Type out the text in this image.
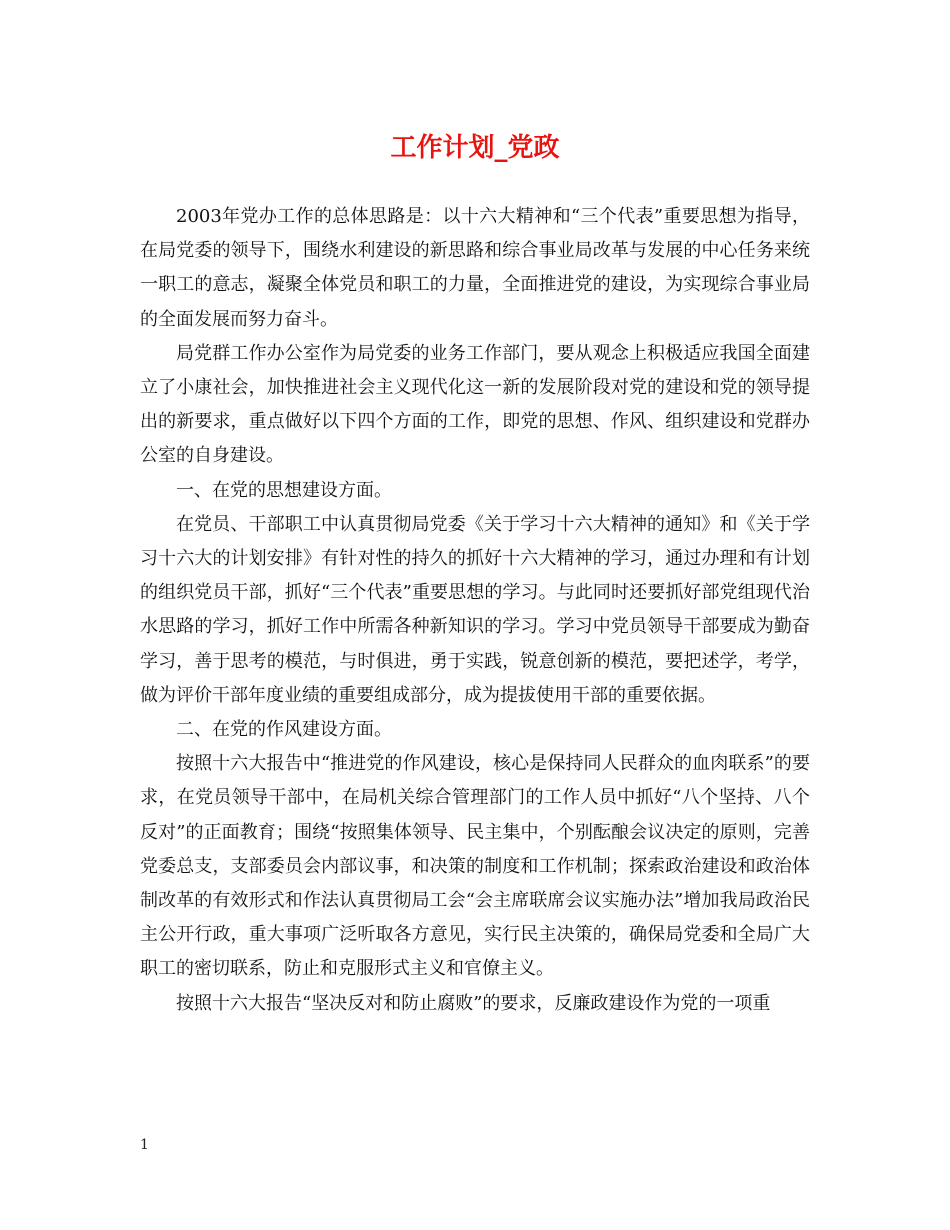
工作计划_党政

2003年党办工作的总体思路是：以十六大精神和“三个代表”重要思想为指导，在局党委的领导下，围绕水利建设的新思路和综合事业局改革与发展的中心任务来统一职工的意志，凝聚全体党员和职工的力量，全面推进党的建设，为实现综合事业局的全面发展而努力奋斗。

局党群工作办公室作为局党委的业务工作部门，要从观念上积极适应我国全面建立了小康社会，加快推进社会主义现代化这一新的发展阶段对党的建设和党的领导提出的新要求，重点做好以下四个方面的工作，即党的思想、作风、组织建设和党群办公室的自身建设。

一、在党的思想建设方面。

在党员、干部职工中认真贯彻局党委《关于学习十六大精神的通知》和《关于学习十六大的计划安排》有针对性的持久的抓好十六大精神的学习，通过办理和有计划的组织党员干部，抓好“三个代表”重要思想的学习。与此同时还要抓好部党组现代治水思路的学习，抓好工作中所需各种新知识的学习。学习中党员领导干部要成为勤奋学习，善于思考的模范，与时俱进，勇于实践，锐意创新的模范，要把述学，考学，做为评价干部年度业绩的重要组成部分，成为提拔使用干部的重要依据。

二、在党的作风建设方面。

按照十六大报告中“推进党的作风建设，核心是保持同人民群众的血肉联系”的要求，在党员领导干部中，在局机关综合管理部门的工作人员中抓好“八个坚持、八个反对”的正面教育；围绕“按照集体领导、民主集中，个别酝酿会议决定的原则，完善党委总支，支部委员会内部议事，和决策的制度和工作机制；探索政治建设和政治体制改革的有效形式和作法认真贯彻局工会“会主席联席会议实施办法”增加我局政治民主公开行政，重大事项广泛听取各方意见，实行民主决策的，确保局党委和全局广大职工的密切联系，防止和克服形式主义和官僚主义。

按照十六大报告“坚决反对和防止腐败”的要求，反廉政建设作为党的一项重

1
